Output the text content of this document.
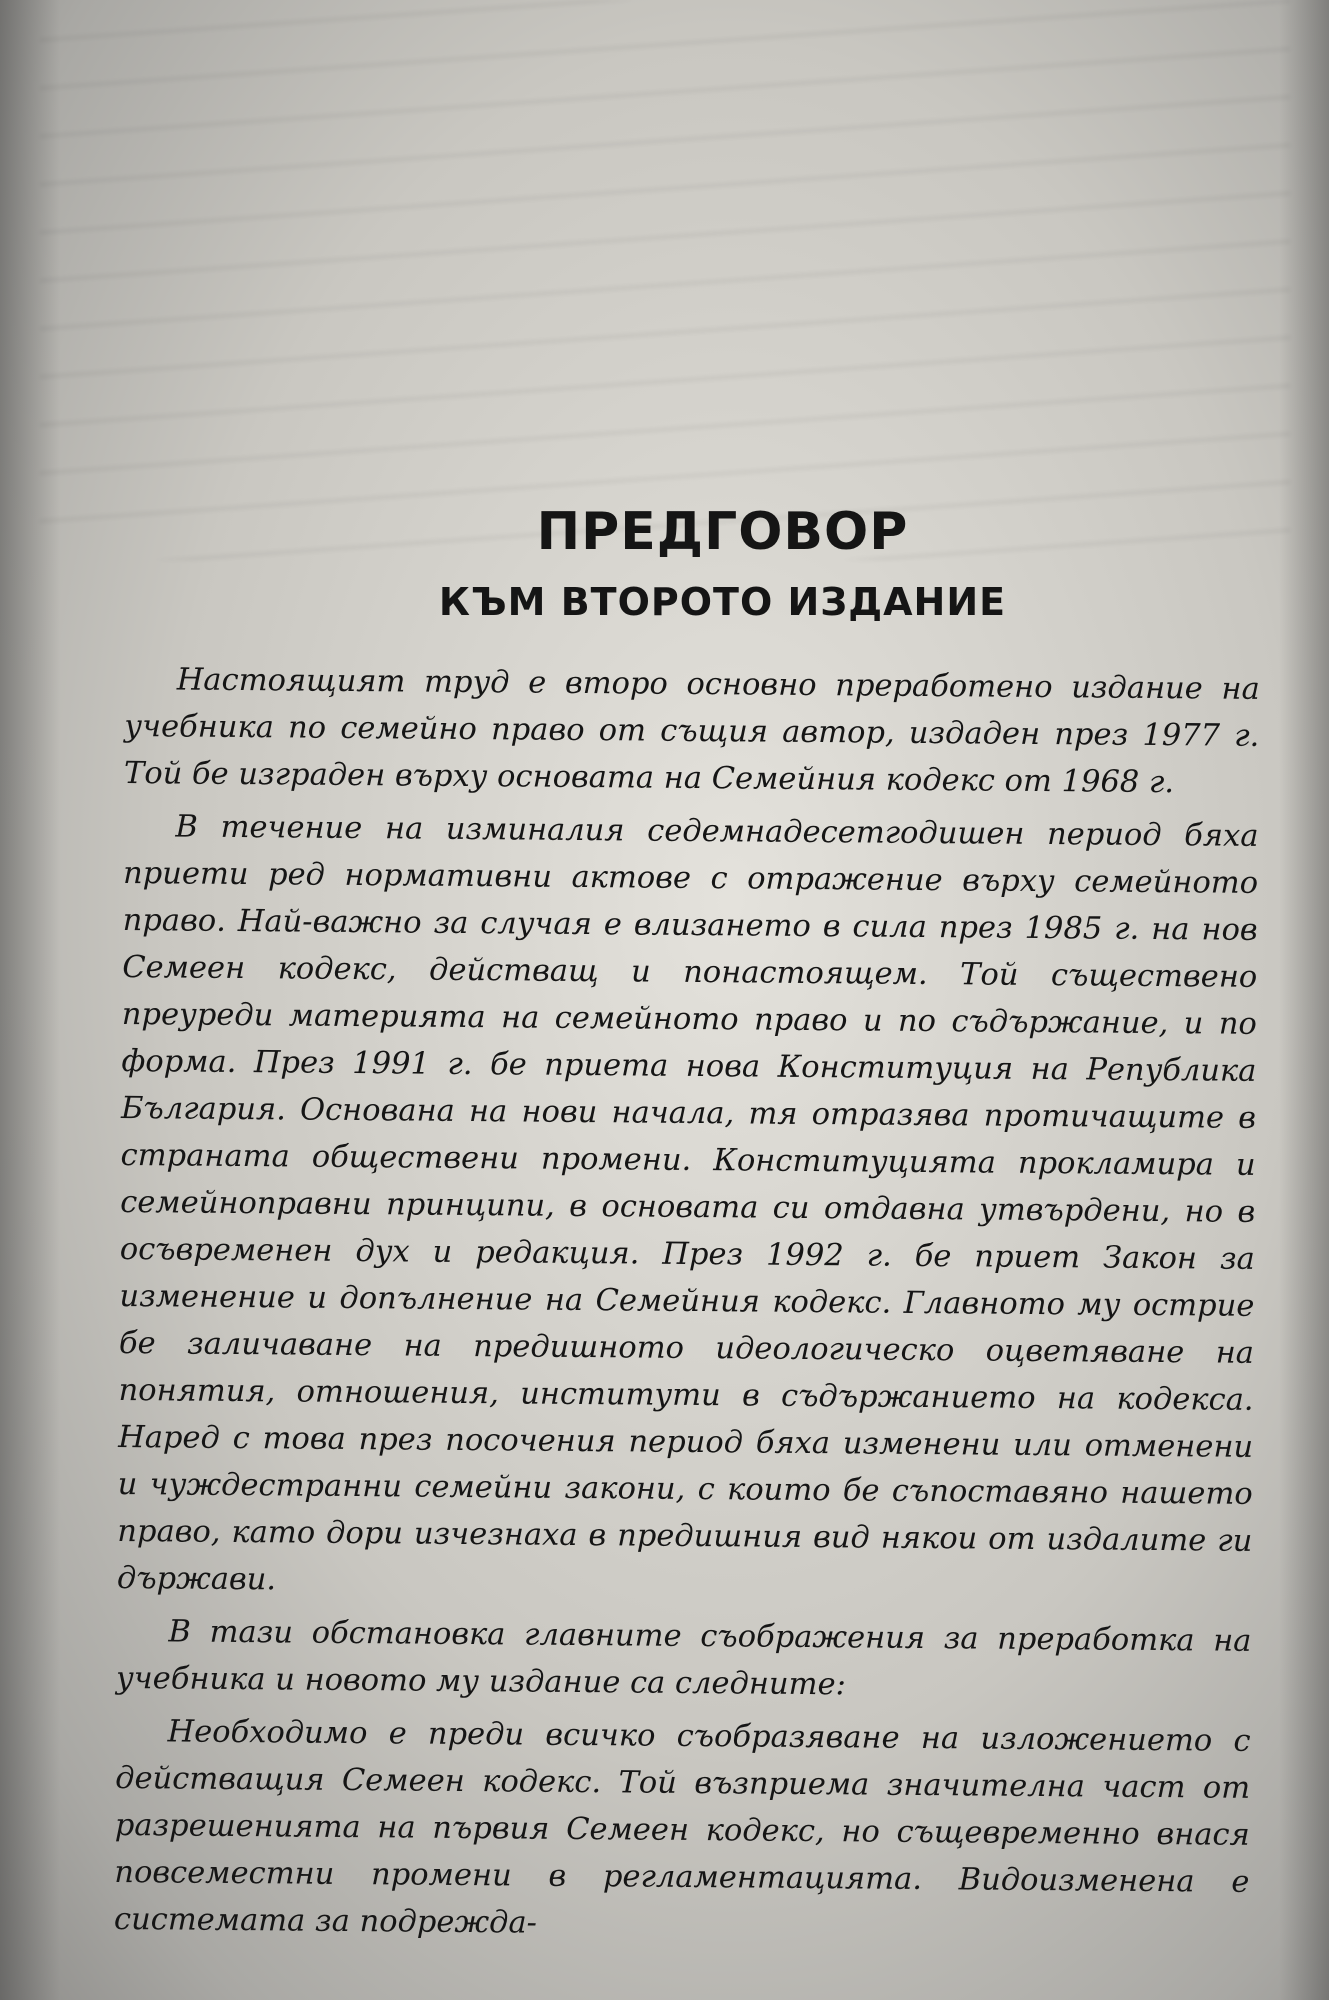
ПРЕДГОВОР
КЪМ ВТОРОТО ИЗДАНИЕ

Настоящият труд е второ основно преработено издание на учебника по семейно право от същия автор, издаден през 1977 г. Той бе изграден върху основата на Семейния кодекс от 1968 г.

В течение на изминалия седемнадесетгодишен период бяха приети ред нормативни актове с отражение върху семейното право. Най-важно за случая е влизането в сила през 1985 г. на нов Семеен кодекс, действащ и понастоящем. Той съществено преуреди материята на семейното право и по съдържание, и по форма. През 1991 г. бе приета нова Конституция на Република България. Основана на нови начала, тя отразява протичащите в страната обществени промени. Конституцията прокламира и семейноправни принципи, в основата си отдавна утвърдени, но в осъвременен дух и редакция. През 1992 г. бе приет Закон за изменение и допълнение на Семейния кодекс. Главното му острие бе заличаване на предишното идеологическо оцветяване на понятия, отношения, институти в съдържанието на кодекса. Наред с това през посочения период бяха изменени или отменени и чуждестранни семейни закони, с които бе съпоставяно нашето право, като дори изчезнаха в предишния вид някои от издалите ги държави.

В тази обстановка главните съображения за преработка на учебника и новото му издание са следните:

Необходимо е преди всичко съобразяване на изложението с действащия Семеен кодекс. Той възприема значителна част от разрешенията на първия Семеен кодекс, но същевременно внася повсеместни промени в регламентацията. Видоизменена е системата за подрежда-
